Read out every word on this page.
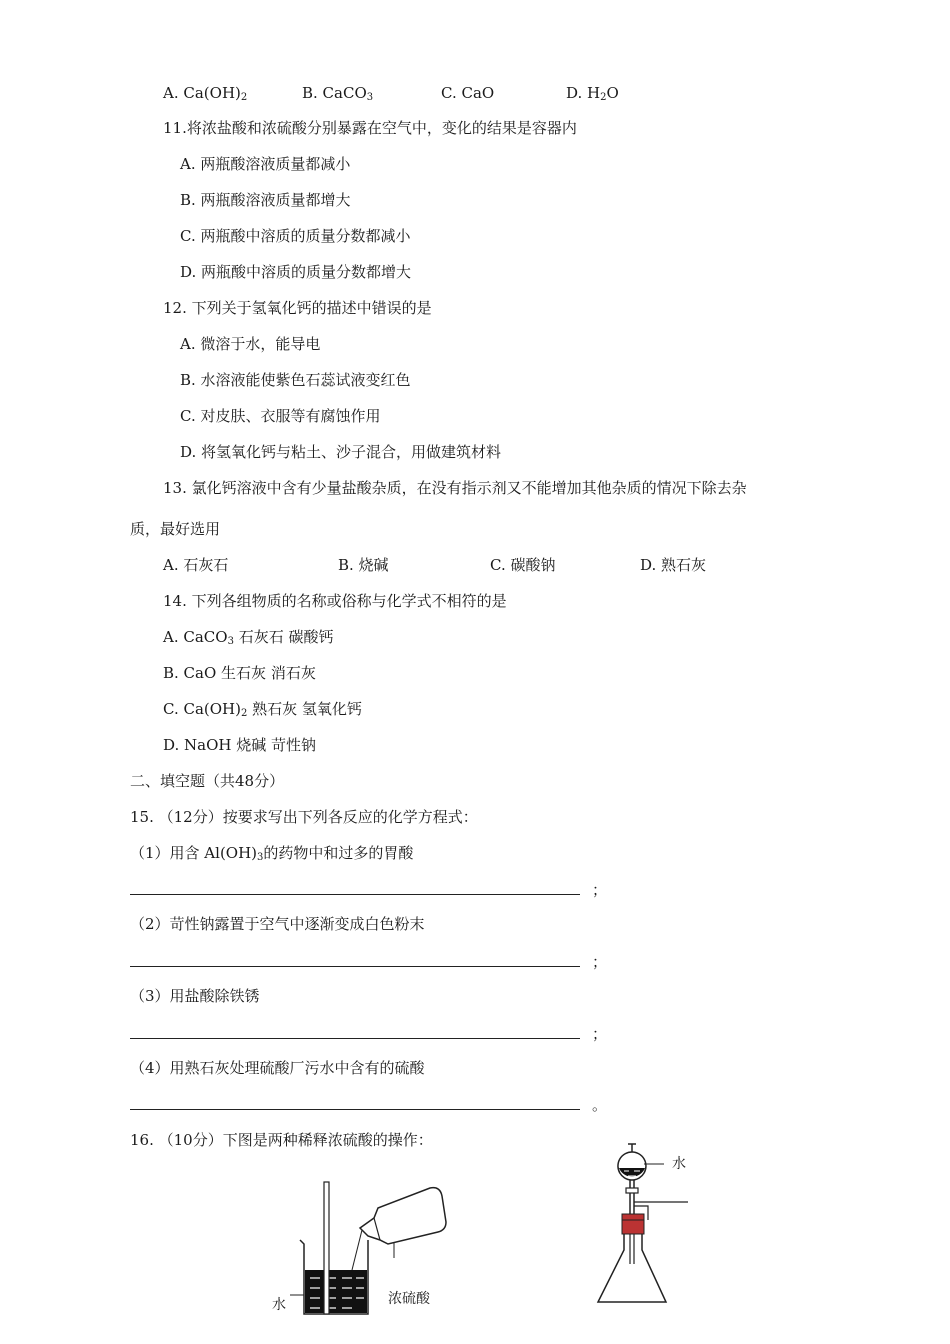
A. $Ca(OH)_2$	B. CaCO$_3$	C. CaO	D. $H_2O$
11.将浓盐酸和浓硫酸分别暴露在空气中，变化的结果是容器内
A. 两瓶酸溶液质量都减小
B. 两瓶酸溶液质量都增大
C. 两瓶酸中溶质的质量分数都减小
D. 两瓶酸中溶质的质量分数都增大
12. 下列关于氢氧化钙的描述中错误的是
A. 微溶于水，能导电
B. 水溶液能使紫色石蕊试液变红色
C. 对皮肤、衣服等有腐蚀作用
D. 将氢氧化钙与粘土、沙子混合，用做建筑材料
13. 氯化钙溶液中含有少量盐酸杂质，在没有指示剂又不能增加其他杂质的情况下除去杂
质，最好选用
A. 石灰石	B. 烧碱	C. 碳酸钠	D. 熟石灰
14. 下列各组物质的名称或俗称与化学式不相符的是
A. CaCO$_3$ 石灰石 碳酸钙
B. CaO 生石灰 消石灰
C. $Ca(OH)_2$ 熟石灰 氢氧化钙
D. NaOH 烧碱 苛性钠
二、填空题（共48分）
15. （12分）按要求写出下列各反应的化学方程式：
（1）用含 $Al(OH)_3$的药物中和过多的胃酸
；
（2）苛性钠露置于空气中逐渐变成白色粉末
；
（3）用盐酸除铁锈
；
（4）用熟石灰处理硫酸厂污水中含有的硫酸
。
16. （10分）下图是两种稀释浓硫酸的操作：
水	浓硫酸
水
